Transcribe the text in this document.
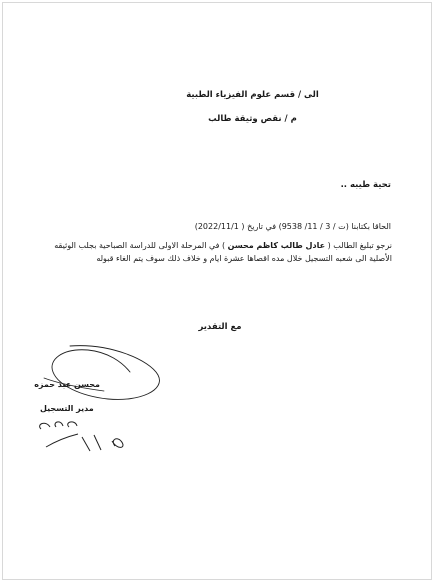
الى / قسم علوم الفيزياء الطبية
م / نقص وثيقة طالب
تحية طيبه ..
الحاقا بكتابنا (ت / 3 / 11/ 9538) في تاريخ ( 2022/11/1)
نرجو تبليغ الطالب ( عادل طالب كاظم محسن ) في المرحلة الاولى للدراسة الصباحية بجلب الوثيقه
الأصلية الى شعبه التسجيل خلال مده اقصاها عشرة ايام و خلاف ذلك سوف يتم الغاء قبوله
مع التقدير
محسن عبد حمزه
مدير التسجيل
